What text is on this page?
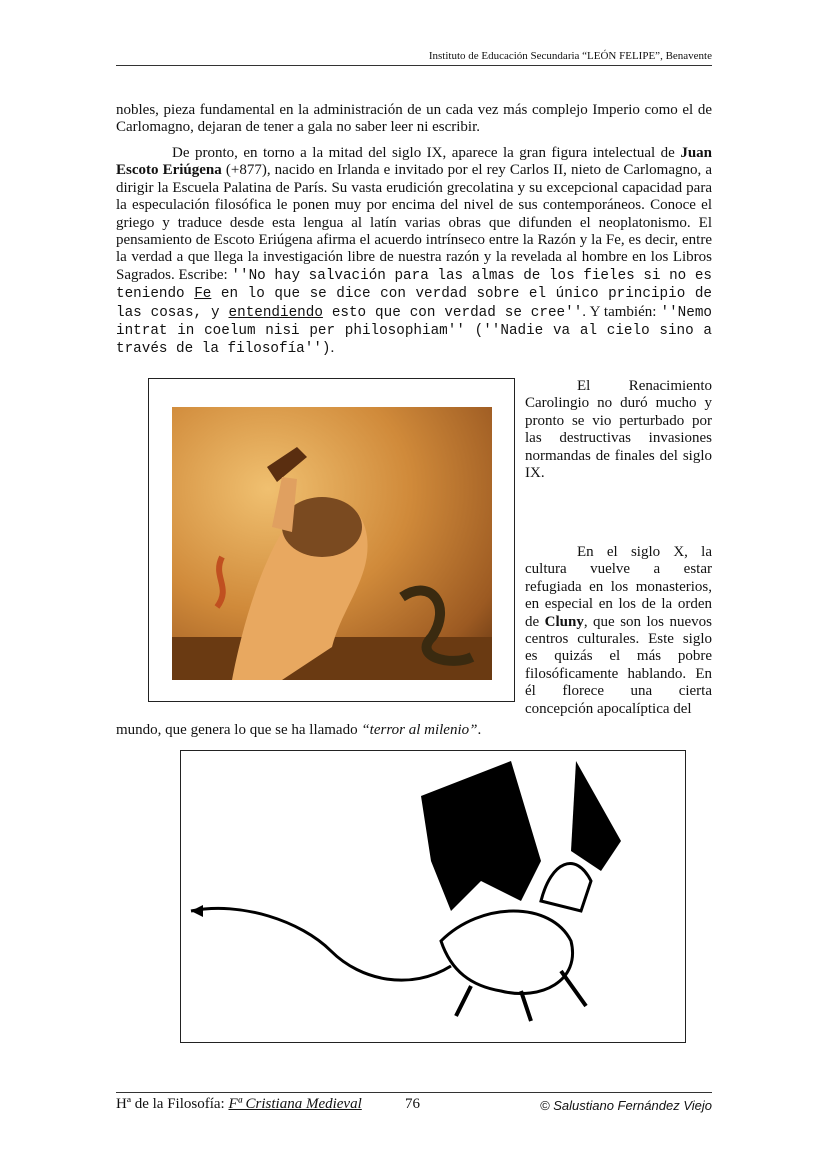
Instituto de Educación Secundaria “LEÓN FELIPE”, Benavente
nobles, pieza fundamental en la administración de un cada vez más complejo Imperio como el de Carlomagno, dejaran de tener a gala no saber leer ni escribir.
De pronto, en torno a la mitad del siglo IX, aparece la gran figura intelectual de Juan Escoto Eriúgena (+877), nacido en Irlanda e invitado por el rey Carlos II, nieto de Carlomagno, a dirigir la Escuela Palatina de París. Su vasta erudición grecolatina y su excepcional capacidad para la especulación filosófica le ponen muy por encima del nivel de sus contemporáneos. Conoce el griego y traduce desde esta lengua al latín varias obras que difunden el neoplatonismo. El pensamiento de Escoto Eriúgena afirma el acuerdo intrínseco entre la Razón y la Fe, es decir, entre la verdad a que llega la investigación libre de nuestra razón y la revelada al hombre en los Libros Sagrados. Escribe: ''No hay salvación para las almas de los fieles si no es teniendo Fe en lo que se dice con verdad sobre el único principio de las cosas, y entendiendo esto que con verdad se cree''. Y también: ''Nemo intrat in coelum nisi per philosophiam'' (''Nadie va al cielo sino a través de la filosofía'').
El Renacimiento Carolingio no duró mucho y pronto se vio perturbado por las destructivas invasiones normandas de finales del siglo IX.
En el siglo X, la cultura vuelve a estar refugiada en los monasterios, en especial en los de la orden de Cluny, que son los nuevos centros culturales. Este siglo es quizás el más pobre filosóficamente hablando. En él florece una cierta concepción apocalíptica del
mundo, que genera lo que se ha llamado “terror al milenio”.
Hª de la Filosofía: Fª Cristiana Medieval	76	© Salustiano Fernández Viejo
